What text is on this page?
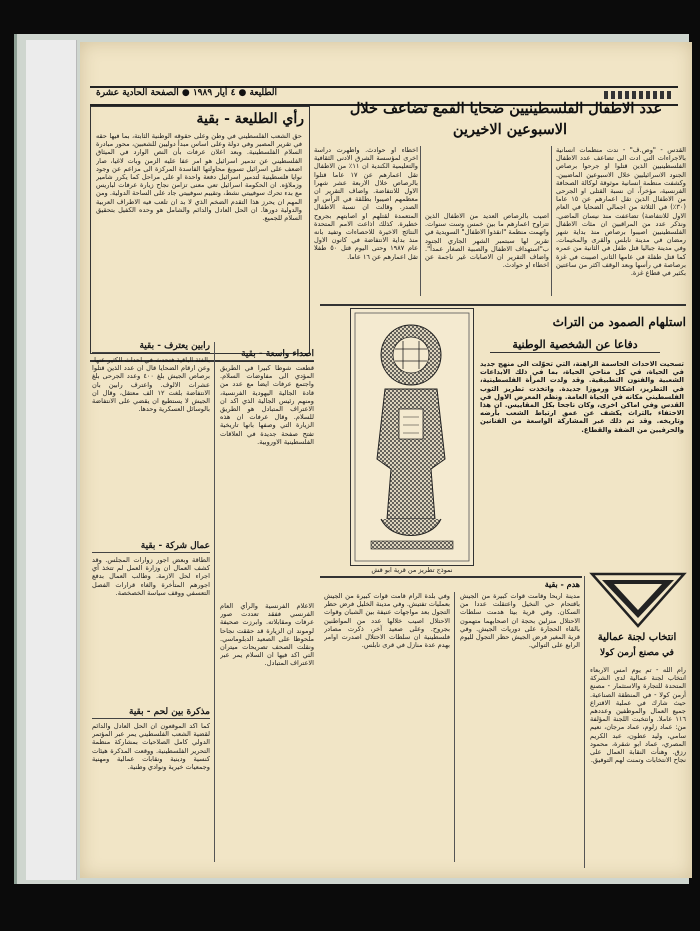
الطليعة ● ٤ أيار ١٩٨٩ ● الصفحة الحادية عشرة
عدد الاطفال الفلسطينيين ضحايا القمع تضاعف خلال
الاسبوعين الاخيرين
القدس - "وص.ف" - ندت منظمات انسانية بالاجراءات التي ادت الى تضاعف عدد الاطفال الفلسطينيين الذين قتلوا او جرحوا برصاص الجنود الاسرائيليين خلال الاسبوعين الماضيين. وكشفت منظمة انسانية موثوقة لوكالة الصحافة الفرنسية، مؤخراً، ان نسبة القتلى او الجرحى من الاطفال الذين تقل اعمارهم عن ١٥ عاما (٣٠٪) في الثلاثة من اجمالي الضحايا في العام الاول للانتفاضة) تضاعفت منذ نيسان الماضي. ونذكر عدد من المراقبين ان مثات الاطفال الفلسطينيين اصيبوا برصاص منذ بداية شهر رمضان في مدينة نابلس والقرى والمخيمات. وفي مدينة جباليا قتل طفل في الثانية من عمره كما قتل طفلة في عامها الثاني اصيبت في غزة برصاصة في رأسها وبعد الوقف اكثر من ساعتين بكثير في قطاع غزة.
اصيب بالرصاص العديد من الاطفال الذين تتراوح اعمارهم ما بين خمس وست سنوات. واتهمت منظمة "انقذوا الاطفال" السويدية في تقرير لها سبتمبر الشهر الجاري الجنود ب"استهداف الاطفال والصبية الصغار عمداً". واضاف التقرير ان الاصابات غير ناجمة عن اخطاء او حوادث.
اخطاء او حوادث. واظهرت دراسة اخرى لمؤسسة الشرق الادنى الثقافية والتعليمية الكندية ان ١١٪ من الاطفال تقل اعمارهم عن ١٧ عاما قتلوا بالرصاص خلال الاربعة عشر شهرا الاول للانتفاضة. واضاف التقرير ان معظمهم اصيبوا بطلقة في الرأس او الصدر. وقالت ان نسبة الاطفال المتعمدة لقتلهم او اصابتهم بجروح خطيرة. كذلك اذاعت الامم المتحدة النتائج الاخيرة للاحصاءات وتفيد بانه منذ بداية الانتفاضة في كانون الاول عام ١٩٨٧ وحتى اليوم قتل ٥٠ طفلا تقل اعمارهم عن ١٦ عاما.
رأي الطليعة - بقية
حق الشعب الفلسطيني في وطن وعلى حقوقه الوطنية الثابتة، بما فيها حقه في تقرير المصير وفي دولة وعلى اساس مبدأ دوليين للشعبين، محور مبادرة السلام الفلسطينية. وبعد اعلان عرفات بأن النص الوارد في الميثاق الفلسطيني عن تدمير اسرائيل هو امر عفا عليه الزمن وبات لاغيا، صار اضعف على اسرائيل تسويغ محاولتها الفاسدة المركزة الى مزاعم عن وجود نوايا فلسطينية لتدمير اسرائيل دفعة واحدة او على مراحل كما يكرر شامير وزملاؤه. ان الحكومة اسرائيل تعي معنى تزامن نجاح زيارة عرفات لباريس مع بدء تحرك سوفييتي نشط، وتقييم سوفييتي جاد على الساحة الدولية. ومن المهم ان يحرز هذا التقدم الضخم الذي لا بد ان تلعب فيه الاطراف العربية والدولية دورها. ان الحل العادل والدائم والشامل هو وحده الكفيل بتحقيق السلام للجميع.
اصداء واسعة - بقية
قطعت شوطا كبيرا في الطريق المؤدي الى مفاوضات السلام. واجتمع عرفات ايضا مع عدد من قادة الجالية اليهودية الفرنسية، ومنهم رئيس الجالية الذي اكد ان الاعتراف المتبادل هو الطريق للسلام. وقال عرفات ان هذه الزيارة التي وصفها بانها تاريخية تفتح صفحة جديدة في العلاقات الفلسطينية الاوروبية.
رابين يعترف - بقية
بالفئة الباقية فتحدث في احداث الكثير عنها. وعن ارقام الضحايا قال ان عدد الذين قتلوا برصاص الجيش بلغ ٤٠٠ وعدد الجرحى بلغ عشرات الالوف. واعترف رابين بان الانتفاضة بلغت ١٢ الف معتقل، وقال ان الجيش لا يستطيع ان يقضي على الانتفاضة بالوسائل العسكرية وحدها.
عمال شركة - بقية
الطاقة وبعض اجور زوارات المجلس. وقد كشف العمال ان وزارة العمل لم تتخذ أي اجراء لحل الازمة. وطالب العمال بدفع اجورهم المتأخرة والغاء قرارات الفصل التعسفي ووقف سياسة الخصخصة.
مذكرة بين لحم - بقية
كما اكد الموقعون ان الحل العادل والدائم لقضية الشعب الفلسطيني يمر عبر المؤتمر الدولي كامل الصلاحيات بمشاركة منظمة التحرير الفلسطينية. ووقعت المذكرة هيئات كنسية ودينية ونقابات عمالية ومهنية وجمعيات خيرية ونوادي وطنية.
الاعلام الفرنسية والرأي العام الفرنسي ففقد تعددت صور عرفات ومقابلاته. وابرزت صحيفة لوموند ان الزيارة قد حققت نجاحا ملحوظا على الصعيد الدبلوماسي. ونقلت الصحف تصريحات ميتران التي اكد فيها ان السلام يمر عبر الاعتراف المتبادل.
استلهام الصمود من التراث
دفاعا عن الشخصية الوطنية
تسحيت الاحداث الحاسمة الراهنة، التي تحوّلت الى منهج جديد في الحياة، في كل مناحي الحياة، بما في ذلك الابداعات الشعبية والفنون التطبيقية. وقد ولدت المرأة الفلسطينية، في التطريز، اشكالا ورموزا جديدة. واتخذت تطريز الثوب الفلسطيني مكانه في الحياة العامة. ونظم المعرض الاول في القدس وفي اماكن اخرى، وكان ناجحا بكل المقاييس. ان هذا الاحتفاء بالتراث يكشف عن عمق ارتباط الشعب بأرضه وتاريخه. وقد تم ذلك عبر المشاركة الواسعة من الفنانين والحرفيين من الضفة والقطاع.
نموذج تطريز من قرية ابو قش
هدم - بقية
مدينة اريحا وقامت قوات كبيرة من الجيش باقتحام حي النخيل واعتقلت عددا من السكان. وفي قرية بيتا هدمت سلطات الاحتلال منزلين بحجة ان اصحابهما متهمون بالقاء الحجارة على دوريات الجيش. وفي قرية المغير فرض الجيش حظر التجول لليوم الرابع على التوالي.
وفي بلدة الرام قامت قوات كبيرة من الجيش بعمليات تفتيش. وفي مدينة الخليل فرض حظر التجول بعد مواجهات عنيفة بين الشبان وقوات الاحتلال اصيب خلالها عدد من المواطنين بجروح. وعلى صعيد آخر، ذكرت مصادر فلسطينية ان سلطات الاحتلال اصدرت اوامر بهدم عدة منازل في قرى نابلس.
انتخاب لجنة عمالية
في مصنع أرمن كولا
رام الله - تم يوم امس الاربعاء انتخاب لجنة عمالية لدى الشركة المتحدة للتجارة والاستثمار - مصنع أرمن كولا - في المنطقة الصناعية. حيث شارك في عملية الاقتراع جميع العمال والموظفين وعددهم ١١٦ عاملا. وانتخبت اللجنة المؤلفة من: عماد زلوم، عماد مرجان، نعيم سامي، وليد عطون، عبد الكريم المصري، عماد ابو شقرة، محمود رزق. وهنأت النقابة العمال على نجاح الانتخابات وتمنت لهم التوفيق.
